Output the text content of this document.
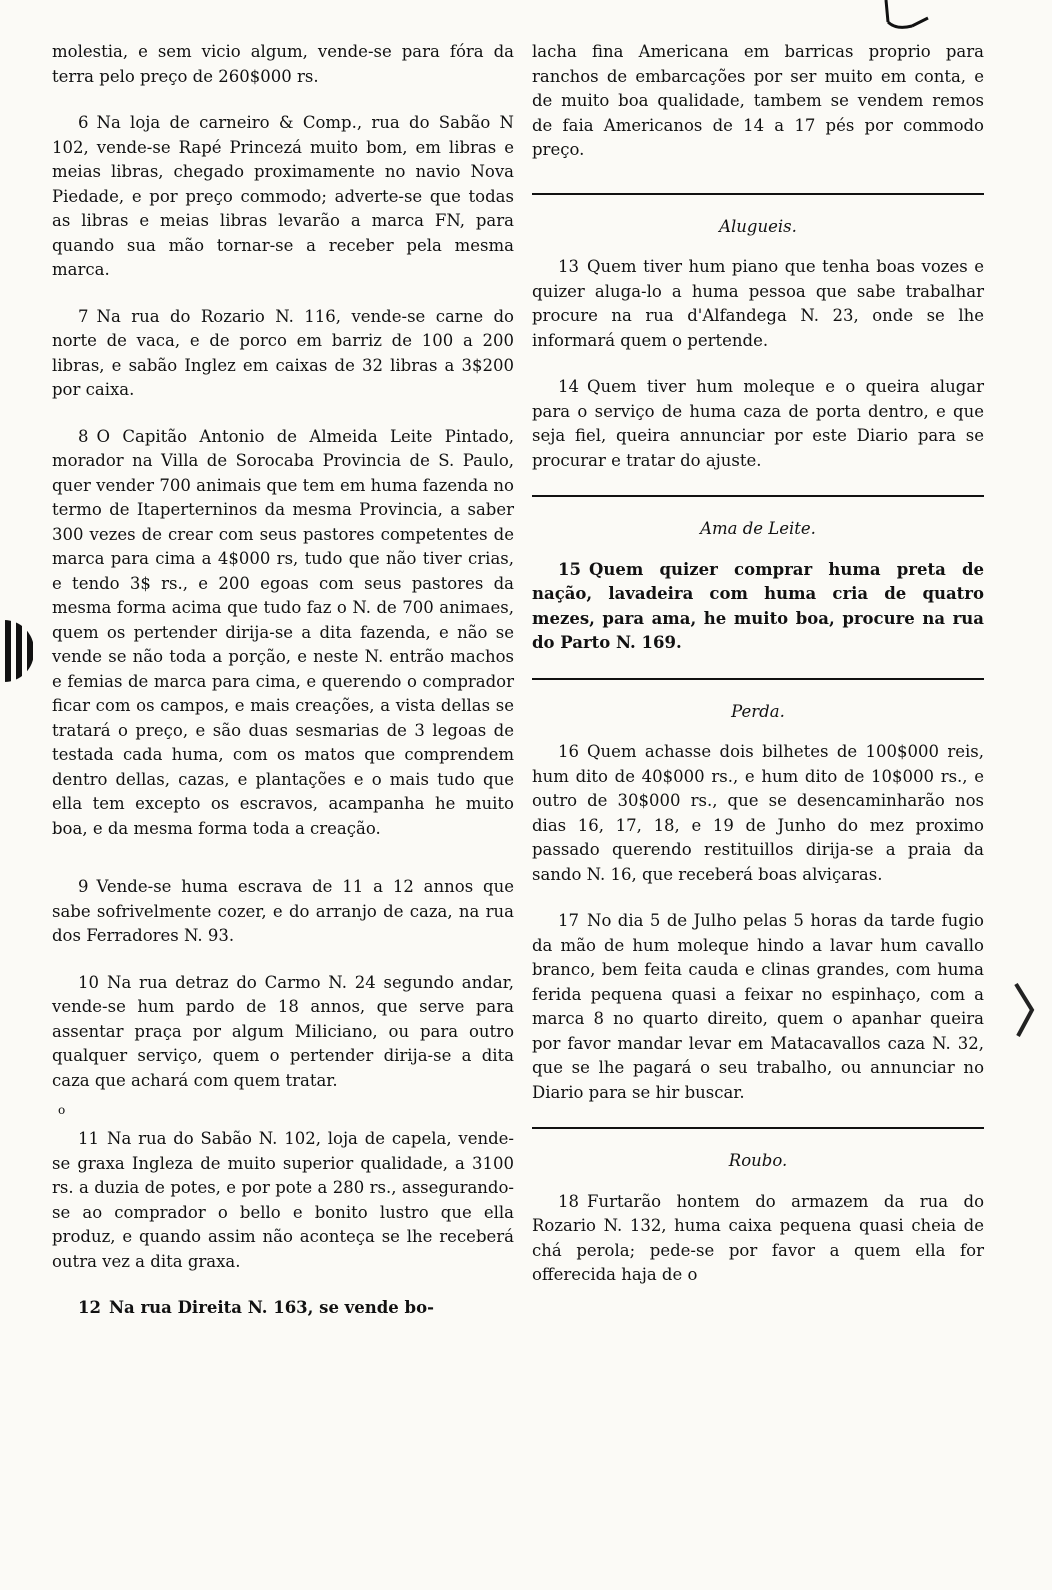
molestia, e sem vicio algum, vende-se para fóra da terra pelo preço de 260$000 rs.

6 Na loja de carneiro & Comp., rua do Sabão N 102, vende-se Rapé Princezá muito bom, em libras e meias libras, chegado proximamente no navio Nova Piedade, e por preço commodo; adverte-se que todas as libras e meias libras levarão a marca FN, para quando sua mão tornar-se a receber pela mesma marca.

7 Na rua do Rozario N. 116, vende-se carne do norte de vaca, e de porco em barriz de 100 a 200 libras, e sabão Inglez em caixas de 32 libras a 3$200 por caixa.

8 O Capitão Antonio de Almeida Leite Pintado, morador na Villa de Sorocaba Provincia de S. Paulo, quer vender 700 animais que tem em huma fazenda no termo de Itaperterninos da mesma Provincia, a saber 300 vezes de crear com seus pastores competentes de marca para cima a 4$000 rs, tudo que não tiver crias, e tendo 3$ rs., e 200 egoas com seus pastores da mesma forma acima que tudo faz o N. de 700 animaes, quem os pertender dirija-se a dita fazenda, e não se vende se não toda a porção, e neste N. entrão machos e femias de marca para cima, e querendo o comprador ficar com os campos, e mais creações, a vista dellas se tratará o preço, e são duas sesmarias de 3 legoas de testada cada huma, com os matos que comprendem dentro dellas, cazas, e plantações e o mais tudo que ella tem excepto os escravos, acampanha he muito boa, e da mesma forma toda a creação.

9 Vende-se huma escrava de 11 a 12 annos que sabe sofrivelmente cozer, e do arranjo de caza, na rua dos Ferradores N. 93.

10 Na rua detraz do Carmo N. 24 segundo andar, vende-se hum pardo de 18 annos, que serve para assentar praça por algum Miliciano, ou para outro qualquer serviço, quem o pertender dirija-se a dita caza que achará com quem tratar.

o

11 Na rua do Sabão N. 102, loja de capela, vende-se graxa Ingleza de muito superior qualidade, a 3100 rs. a duzia de potes, e por pote a 280 rs., assegurando-se ao comprador o bello e bonito lustro que ella produz, e quando assim não aconteça se lhe receberá outra vez a dita graxa.

12 Na rua Direita N. 163, se vende bo-

lacha fina Americana em barricas proprio para ranchos de embarcações por ser muito em conta, e de muito boa qualidade, tambem se vendem remos de faia Americanos de 14 a 17 pés por commodo preço.

Alugueis.

13 Quem tiver hum piano que tenha boas vozes e quizer aluga-lo a huma pessoa que sabe trabalhar procure na rua d'Alfandega N. 23, onde se lhe informará quem o pertende.

14 Quem tiver hum moleque e o queira alugar para o serviço de huma caza de porta dentro, e que seja fiel, queira annunciar por este Diario para se procurar e tratar do ajuste.

Ama de Leite.

15 Quem quizer comprar huma preta de nação, lavadeira com huma cria de quatro mezes, para ama, he muito boa, procure na rua do Parto N. 169.

Perda.

16 Quem achasse dois bilhetes de 100$000 reis, hum dito de 40$000 rs., e hum dito de 10$000 rs., e outro de 30$000 rs., que se desencaminharão nos dias 16, 17, 18, e 19 de Junho do mez proximo passado querendo restituillos dirija-se a praia da sando N. 16, que receberá boas alviçaras.

17 No dia 5 de Julho pelas 5 horas da tarde fugio da mão de hum moleque hindo a lavar hum cavallo branco, bem feita cauda e clinas grandes, com huma ferida pequena quasi a feixar no espinhaço, com a marca 8 no quarto direito, quem o apanhar queira por favor mandar levar em Matacavallos caza N. 32, que se lhe pagará o seu trabalho, ou annunciar no Diario para se hir buscar.

Roubo.

18 Furtarão hontem do armazem da rua do Rozario N. 132, huma caixa pequena quasi cheia de chá perola; pede-se por favor a quem ella for offerecida haja de o
